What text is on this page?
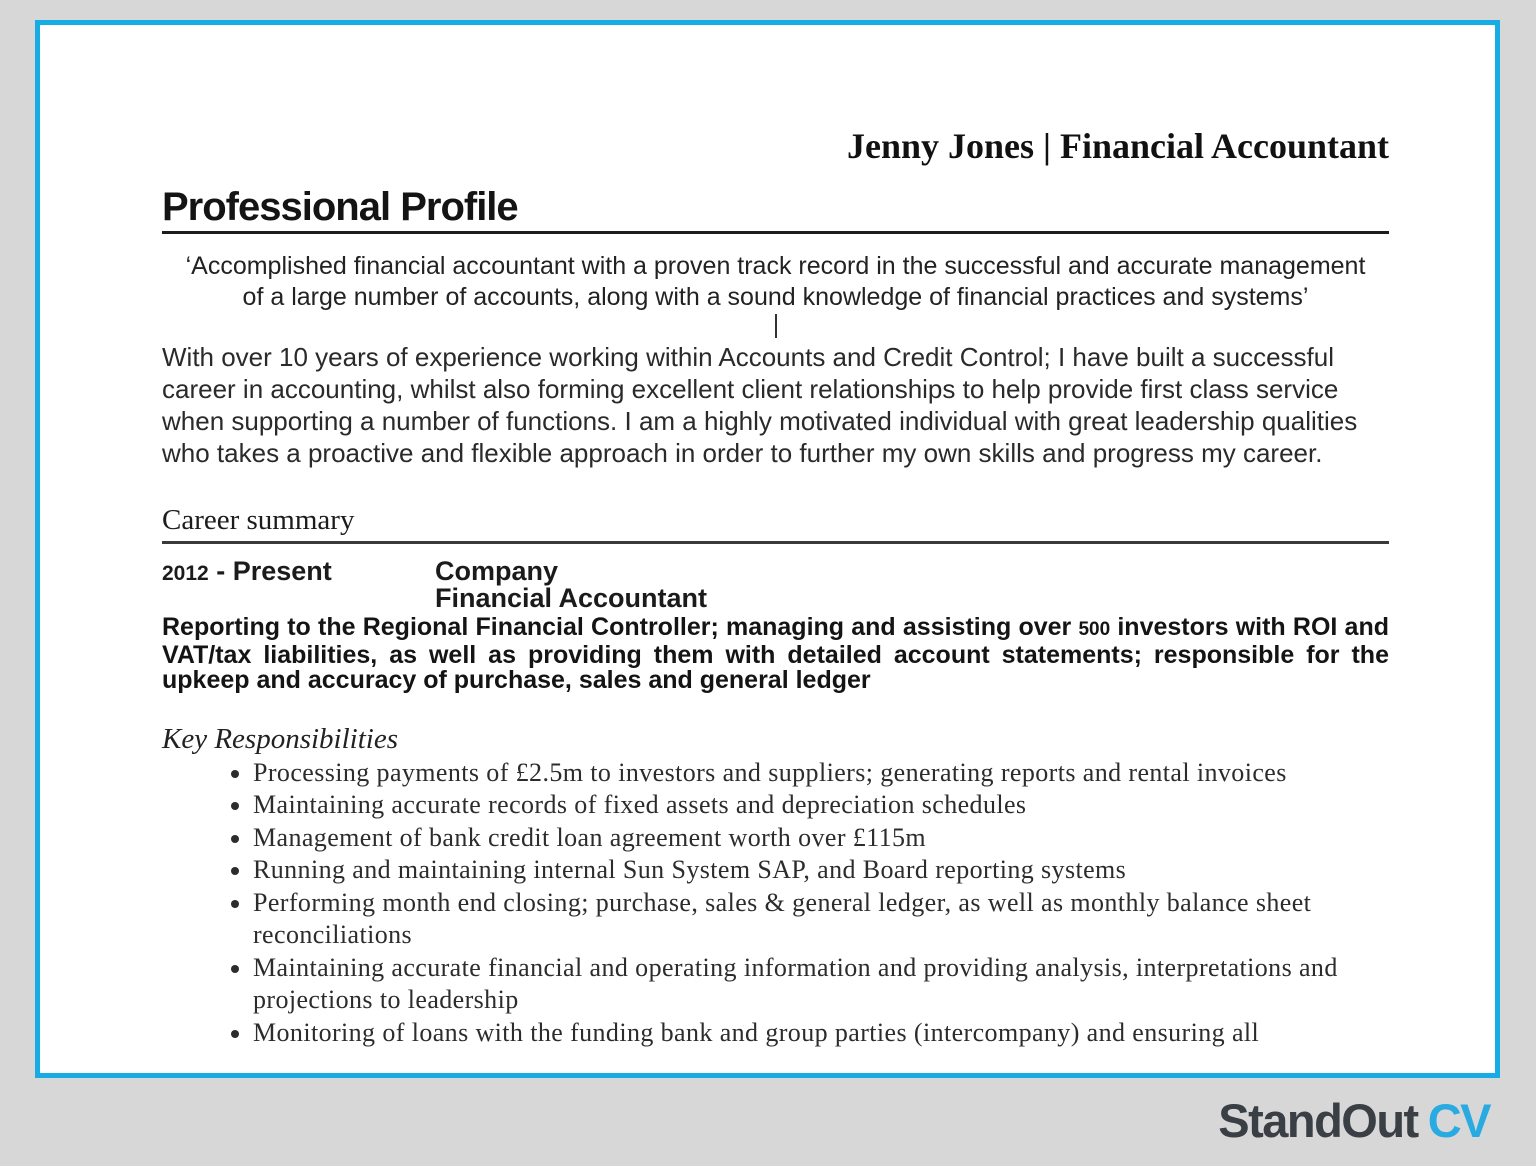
Jenny Jones | Financial Accountant
Professional Profile
‘Accomplished financial accountant with a proven track record in the successful and accurate management
of a large number of accounts, along with a sound knowledge of financial practices and systems’
With over 10 years of experience working within Accounts and Credit Control; I have built a successful career in accounting, whilst also forming excellent client relationships to help provide first class service when supporting a number of functions. I am a highly motivated individual with great leadership qualities who takes a proactive and flexible approach in order to further my own skills and progress my career.
Career summary
2012 - Present	Company
Financial Accountant
Reporting to the Regional Financial Controller; managing and assisting over 500 investors with ROI and VAT/tax liabilities, as well as providing them with detailed account statements; responsible for the upkeep and accuracy of purchase, sales and general ledger
Key Responsibilities
• Processing payments of £2.5m to investors and suppliers; generating reports and rental invoices
• Maintaining accurate records of fixed assets and depreciation schedules
• Management of bank credit loan agreement worth over £115m
• Running and maintaining internal Sun System SAP, and Board reporting systems
• Performing month end closing; purchase, sales & general ledger, as well as monthly balance sheet reconciliations
• Maintaining accurate financial and operating information and providing analysis, interpretations and projections to leadership
• Monitoring of loans with the funding bank and group parties (intercompany) and ensuring all
StandOut CV
